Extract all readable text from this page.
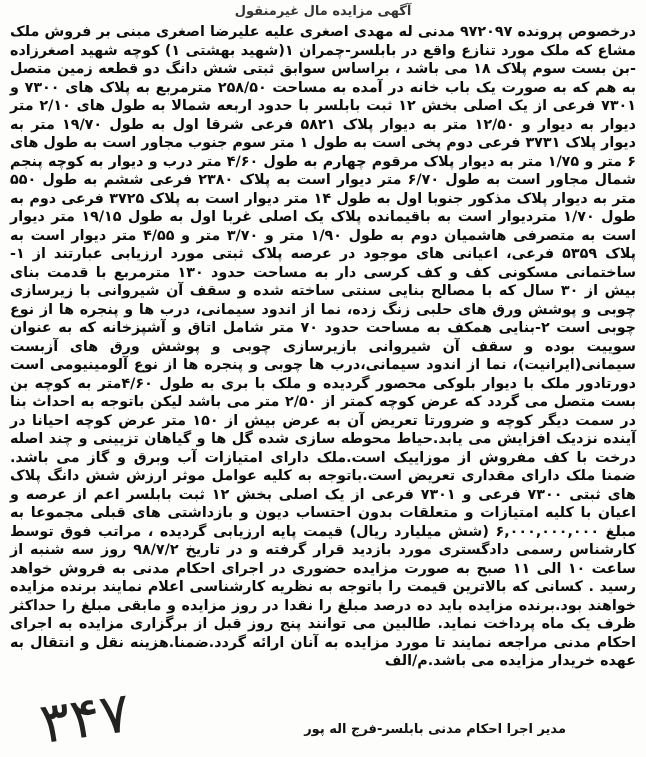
آگهی مزایده مال غیرمنقول

درخصوص پرونده ۹۷۲۰۹۷ مدنی له مهدی اصغری علیه علیرضا اصغری مبنی بر فروش ملک مشاع که ملک مورد تنازع واقع در بابلسر-چمران ۱(شهید بهشتی ۱) کوچه شهید اصغرزاده -بن بست سوم پلاک ۱۸ می باشد ، براساس سوابق ثبتی شش دانگ دو قطعه زمین متصل به هم که به صورت یک باب خانه در آمده به مساحت ۲۵۸/۵۰ مترمربع به پلاک های ۷۳۰۰ و ۷۳۰۱ فرعی از یک اصلی بخش ۱۲ ثبت بابلسر با حدود اربعه شمالا به طول های ۲/۱۰ متر دیوار به دیوار و ۱۲/۵۰ متر به دیوار پلاک ۵۸۲۱ فرعی شرقا اول به طول ۱۹/۷۰ متر به دیوار پلاک ۳۷۳۱ فرعی دوم پخی است به طول ۱ متر سوم جنوب مجاور است به طول های ۶ متر و ۱/۷۵ متر به دیوار پلاک مرقوم چهارم به طول ۴/۶۰ متر درب و دیوار به کوچه پنجم شمال مجاور است به طول ۶/۷۰ متر دیوار است به پلاک ۲۳۸۰ فرعی ششم به طول ۵۵۰ متر به دیوار پلاک مذکور جنوبا اول به طول ۱۴ متر دیوار است به پلاک ۳۷۲۵ فرعی دوم به طول ۱/۷۰ متردیوار است به باقیمانده پلاک یک اصلی غربا اول به طول ۱۹/۱۵ متر دیوار است به متصرفی هاشمیان دوم به طول ۱/۹۰ متر و ۳/۷۰ متر و ۴/۵۵ متر دیوار است به پلاک ۵۳۵۹ فرعی، اعیانی های موجود در عرصه پلاک ثبتی مورد ارزیابی عبارتند از ۱-ساختمانی مسکونی کف و کف کرسی دار به مساحت حدود ۱۳۰ مترمربع با قدمت بنای بیش از ۳۰ سال که با مصالح بنایی سنتی ساخته شده و سقف آن شیروانی با زیرسازی چوبی و پوشش ورق های حلبی زنگ زده، نما از اندود سیمانی، درب ها و پنجره ها از نوع چوبی است ۲-بنایی همکف به مساحت حدود ۷۰ متر شامل اتاق و آشپزخانه که به عنوان سوییت بوده و سقف آن شیروانی بازیرسازی چوبی و پوشش ورق های آزبست سیمانی(ایرانیت)، نما از اندود سیمانی،درب ها چوبی و پنجره ها از نوع آلومینیومی است دورتادور ملک با دیوار بلوکی محصور گردیده و ملک با بری به طول ۴/۶۰متر به کوچه بن بست متصل می گردد که عرض کوچه کمتر از ۲/۵۰ متر می باشد لیکن باتوجه به احداث بنا در سمت دیگر کوچه و ضرورتا تعریض آن به عرض بیش از ۱۵۰ متر عرض کوچه احیانا در آینده نزدیک افزایش می یابد.حیاط محوطه سازی شده گل ها و گیاهان تزیینی و چند اصله درخت با کف مفروش از موزاییک است.ملک دارای امتیازات آب وبرق و گاز می باشد. ضمنا ملک دارای مقداری تعریض است.باتوجه به کلیه عوامل موثر ارزش شش دانگ پلاک های ثبتی ۷۳۰۰ فرعی و ۷۳۰۱ فرعی از یک اصلی بخش ۱۲ ثبت بابلسر اعم از عرصه و اعیان با کلیه امتیازات و متعلقات بدون احتساب دیون و بازداشتی های قبلی مجموعا به مبلغ ۶,۰۰۰,۰۰۰,۰۰۰ (شش میلیارد ریال) قیمت پایه ارزیابی گردیده ، مراتب فوق توسط کارشناس رسمی دادگستری مورد بازدید قرار گرفته و در تاریخ ۹۸/۷/۲ روز سه شنبه از ساعت ۱۰ الی ۱۱ صبح به صورت مزایده حضوری در اجرای احکام مدنی به فروش خواهد رسید . کسانی که بالاترین قیمت را باتوجه به نظریه کارشناسی اعلام نمایند برنده مزایده خواهند بود.برنده مزایده باید ده درصد مبلغ را نقدا در روز مزایده و مابقی مبلغ را حداکثر ظرف یک ماه پرداخت نماید. طالبین می توانند پنج روز قبل از برگزاری مزایده به اجرای احکام مدنی مراجعه نمایند تا مورد مزایده به آنان ارائه گردد.ضمنا.هزینه نقل و انتقال به عهده خریدار مزایده می باشد.م/الف

مدیر اجرا احکام مدنی بابلسر-فرج اله پور
۳۴۷
